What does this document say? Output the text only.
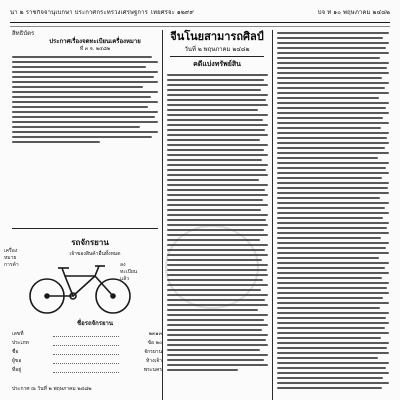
น่า ๒ ราชกิจจานุเบกษา ประกาศกระทรวงเศรษฐการ ไทยศรีจะ ๑๒๙๙	บีจ ที่ ๑๐ พฤษภาคม ๒๔๘๒
สิทธิบัตร
ประกาศเรื่องจดทะเบียนเครื่องหมาย
ที่ ๓ จ. ๒๔๘๒
รถจักรยาน
เจ้าของสินค้าอื่นทั้งหมด
เครื่อง
หมาย
การค้า	ลงทะเบียน
แล้ว
ชื่อรถจักรยาน
เลขที่	๒๓๑๓
ประเภท	ข้อ ๒๐
ชื่อ	จักรยาน
ผู้ขอ	ห้างเจ้า
ที่อยู่	พระนคร
ประกาศ ณ วันที่ ๒ พฤษภาคม ๒๔๘๒
จีนโนยสามารถศิลป์
วันที่ ๒ พฤษภาคม ๒๔๘๒
คดีแบ่งทรัพย์สิน
